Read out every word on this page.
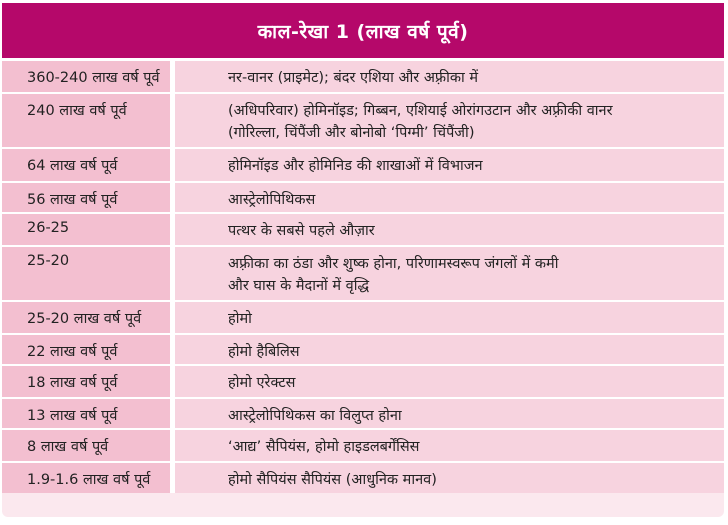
काल-रेखा 1 (लाख वर्ष पूर्व)
360-240 लाख वर्ष पूर्व	नर-वानर (प्राइमेट); बंदर एशिया और अफ़्रीका में
240 लाख वर्ष पूर्व	(अधिपरिवार) होमिनॉइड; गिब्बन, एशियाई ओरांगउटान और अफ़्रीकी वानर
(गोरिल्ला, चिंपैंजी और बोनोबो ‘पिग्मी’ चिंपैंजी)
64 लाख वर्ष पूर्व	होमिनॉइड और होमिनिड की शाखाओं में विभाजन
56 लाख वर्ष पूर्व	आस्ट्रेलोपिथिकस
26-25	पत्थर के सबसे पहले औज़ार
25-20	अफ़्रीका का ठंडा और शुष्क होना, परिणामस्वरूप जंगलों में कमी
और घास के मैदानों में वृद्धि
25-20 लाख वर्ष पूर्व	होमो
22 लाख वर्ष पूर्व	होमो हैबिलिस
18 लाख वर्ष पूर्व	होमो एरेक्टस
13 लाख वर्ष पूर्व	आस्ट्रेलोपिथिकस का विलुप्त होना
8 लाख वर्ष पूर्व	‘आद्य’ सैपियंस, होमो हाइडलबर्गेंसिस
1.9-1.6 लाख वर्ष पूर्व	होमो सैपियंस सैपियंस (आधुनिक मानव)
